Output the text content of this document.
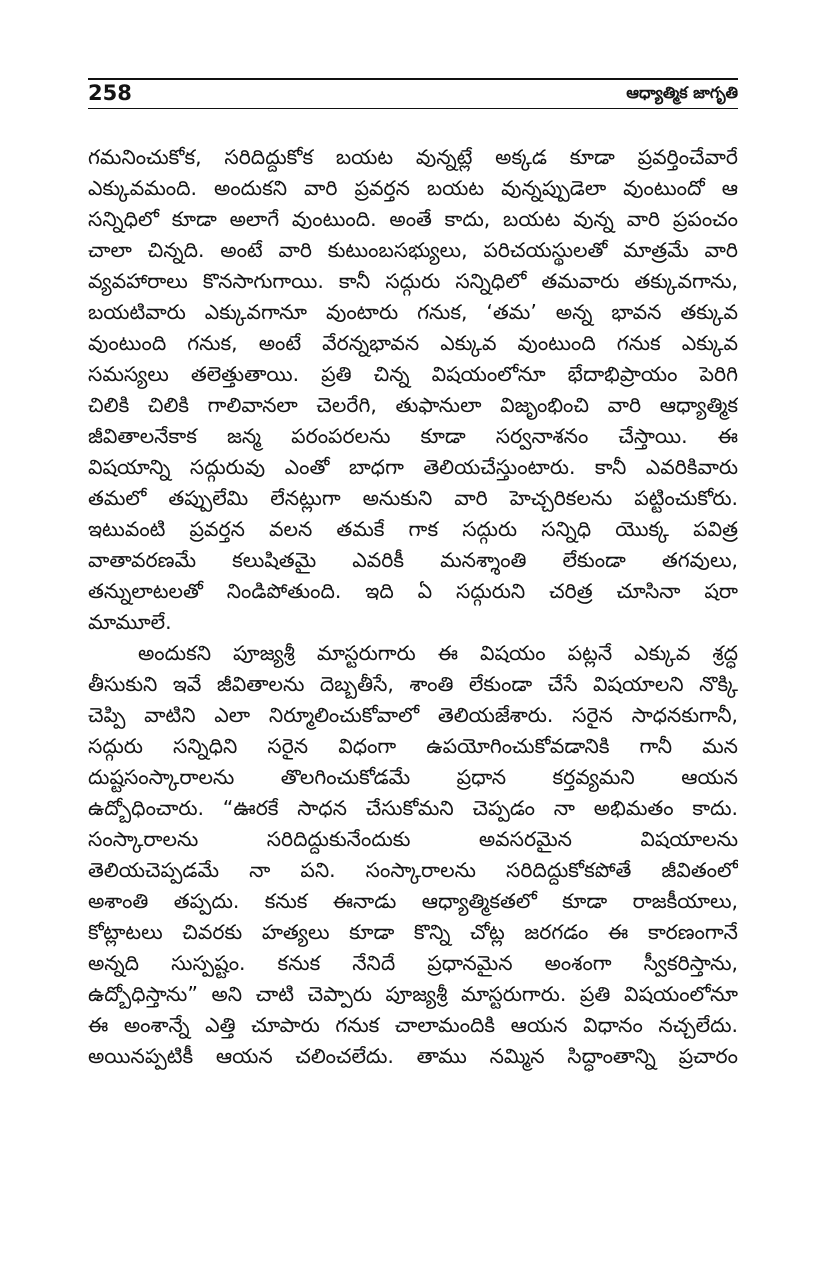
258	ఆధ్యాత్మిక జాగృతి
గమనించుకోక, సరిదిద్దుకోక బయట వున్నట్లే అక్కడ కూడా ప్రవర్తించేవారే
ఎక్కువమంది. అందుకని వారి ప్రవర్తన బయట వున్నప్పుడెలా వుంటుందో ఆ
సన్నిధిలో కూడా అలాగే వుంటుంది. అంతే కాదు, బయట వున్న వారి ప్రపంచం
చాలా చిన్నది. అంటే వారి కుటుంబసభ్యులు, పరిచయస్థులతో మాత్రమే వారి
వ్యవహారాలు కొనసాగుగాయి. కానీ సద్గురు సన్నిధిలో తమవారు తక్కువగాను,
బయటివారు ఎక్కువగానూ వుంటారు గనుక, ‘తమ’ అన్న భావన తక్కువ
వుంటుంది గనుక, అంటే వేరన్నభావన ఎక్కువ వుంటుంది గనుక ఎక్కువ
సమస్యలు తలెత్తుతాయి. ప్రతి చిన్న విషయంలోనూ భేదాభిప్రాయం పెరిగి
చిలికి చిలికి గాలివానలా చెలరేగి, తుఫానులా విజృంభించి వారి ఆధ్యాత్మిక
జీవితాలనేకాక జన్మ పరంపరలను కూడా సర్వనాశనం చేస్తాయి. ఈ
విషయాన్ని సద్గురువు ఎంతో బాధగా తెలియచేస్తుంటారు. కానీ ఎవరికివారు
తమలో తప్పులేమి లేనట్లుగా అనుకుని వారి హెచ్చరికలను పట్టించుకోరు.
ఇటువంటి ప్రవర్తన వలన తమకే గాక సద్గురు సన్నిధి యొక్క పవిత్ర
వాతావరణమే కలుషితమై ఎవరికీ మనశ్శాంతి లేకుండా తగవులు,
తన్నులాటలతో నిండిపోతుంది. ఇది ఏ సద్గురుని చరిత్ర చూసినా షరా
మామూలే.
అందుకని పూజ్యశ్రీ మాస్టరుగారు ఈ విషయం పట్లనే ఎక్కువ శ్రద్ధ
తీసుకుని ఇవే జీవితాలను దెబ్బతీసే, శాంతి లేకుండా చేసే విషయాలని నొక్కి
చెప్పి వాటిని ఎలా నిర్మూలించుకోవాలో తెలియజేశారు. సరైన సాధనకుగానీ,
సద్గురు సన్నిధిని సరైన విధంగా ఉపయోగించుకోవడానికి గానీ మన
దుష్టసంస్కారాలను తొలగించుకోడమే ప్రధాన కర్తవ్యమని ఆయన
ఉద్బోధించారు. “ఊరకే సాధన చేసుకోమని చెప్పడం నా అభిమతం కాదు.
సంస్కారాలను సరిదిద్దుకునేందుకు అవసరమైన విషయాలను
తెలియచెప్పడమే నా పని. సంస్కారాలను సరిదిద్దుకోకపోతే జీవితంలో
అశాంతి తప్పదు. కనుక ఈనాడు ఆధ్యాత్మికతలో కూడా రాజకీయాలు,
కోట్లాటలు చివరకు హత్యలు కూడా కొన్ని చోట్ల జరగడం ఈ కారణంగానే
అన్నది సుస్పష్టం. కనుక నేనిదే ప్రధానమైన అంశంగా స్వీకరిస్తాను,
ఉద్బోధిస్తాను” అని చాటి చెప్పారు పూజ్యశ్రీ మాస్టరుగారు. ప్రతి విషయంలోనూ
ఈ అంశాన్నే ఎత్తి చూపారు గనుక చాలామందికి ఆయన విధానం నచ్చలేదు.
అయినప్పటికీ ఆయన చలించలేదు. తాము నమ్మిన సిద్ధాంతాన్ని ప్రచారం
